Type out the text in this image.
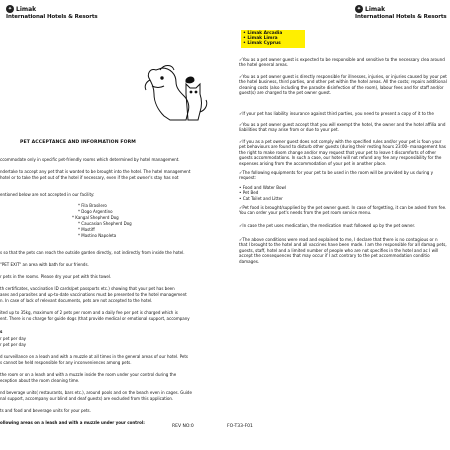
✦ Limak
International Hotels & Resorts
PET ACCEPTANCE AND INFORMATION FORM
ccommodate only in specific pet-friendly rooms which determined by hotel management.
ndertake to accept any pet that is wanted to be brought into the hotel. The hotel management
hotel or to take the pet out of the hotel if necessary, even if the pet owner's stay has not
entioned below are not accepted in our facility:
* Fila Brasilero
* Dogo Argentino
* Kangal Shepherd Dog
* Caucasian Shepherd Dog
* Mastiff
* Mastino Napoleta
s so that the pets can reach the outside garden directly, not indirectly from inside the hotel.
"PET EXIT" an area with bath for our friends.
r pets in the rooms. Please dry your pet with this towel.
th certificates, vaccination ID cards/pet passports etc.) showing that your pet has been
ases and parasites and up-to-date vaccinations must be presented to the hotel management
n. In case of lack of relevant documents, pets are not accepted to the hotel.
ited up to 35kg, maximum of 2 pets per room and a daily fee per pet is charged which is
ent. There is no charge for guide dogs (that provide medical or emotional support, accompany
s
r pet per day
r pet per day
d surveillance on a leash and with a muzzle at all times in the general areas of our hotel. Pets
s cannot be held responsible for any inconveniences among pets.
the room or on a leash and with a muzzle inside the room under your control during the
eception about the room cleaning time.
nd beverage units( restaurants, bars etc.), around pools and on the beach even in cages. Guide
nal support, accompany our blind and deaf guests) are excluded from this application.
ts and food and beverage units for your pets.
ollowing areas on a leash and with a muzzle under your control:
REV NO:0
✦ Limak
International Hotels & Resorts
• Limak Arcadia
• Limak Limra
• Limak Cyprus
✓You as a pet owner guest is expected to be responsible and sensitive to the necessary clea around the hotel general areas.
✓You as a pet owner guest is directly responsible for illnesses, injuries, or injuries caused by your pet the hotel business, third parties, and other pet within the hotel areas. All the costs; repairs additional cleaning costs (also including the parasite disinfection of the room), labour fees and for staff and/or guest(s) are charged to the pet owner guest.
✓If your pet has liability insurance against third parties, you need to present a copy of it to the
✓You as a pet owner guest accept that you will exempt the hotel, the owner and the hotel affilia and liabilities that may arise from or due to your pet.
✓If you as a pet owner guest does not comply with the specified rules and/or your pet is foun your pet behaviours are found to disturb other guests (during their resting hours 23:00- management has the right to make room change and/or may request that your pet to leave t discomforts of other guests accommodations. In such a case, our hotel will not refund any fee any responsibility for the expenses arising from the accommodation of your pet in another place.
✓The following equipments for your pet to be used in the room will be provided by us during y request:
• Food and Water Bowl
• Pet Bed
• Cat Toilet and Litter
✓Pet food is brought/supplied by the pet owner guest. In case of forgetting, it can be asked from fee. You can order your pet's needs from the pet room service menu.
✓In case the pet uses medication, the medication must followed up by the pet owner.
✓The above conditions were read and explained to me, I declare that there is no contagious or n that I brought to the hotel and all vaccines have been made. I am the responsible for all damag pets, guests, staff, hotel and a limited number of people who are not specifies in the hotel and ac I will accept the consequences that may occur if I act contrary to the pet accommodation conditio damages.
FO-T33-F01
